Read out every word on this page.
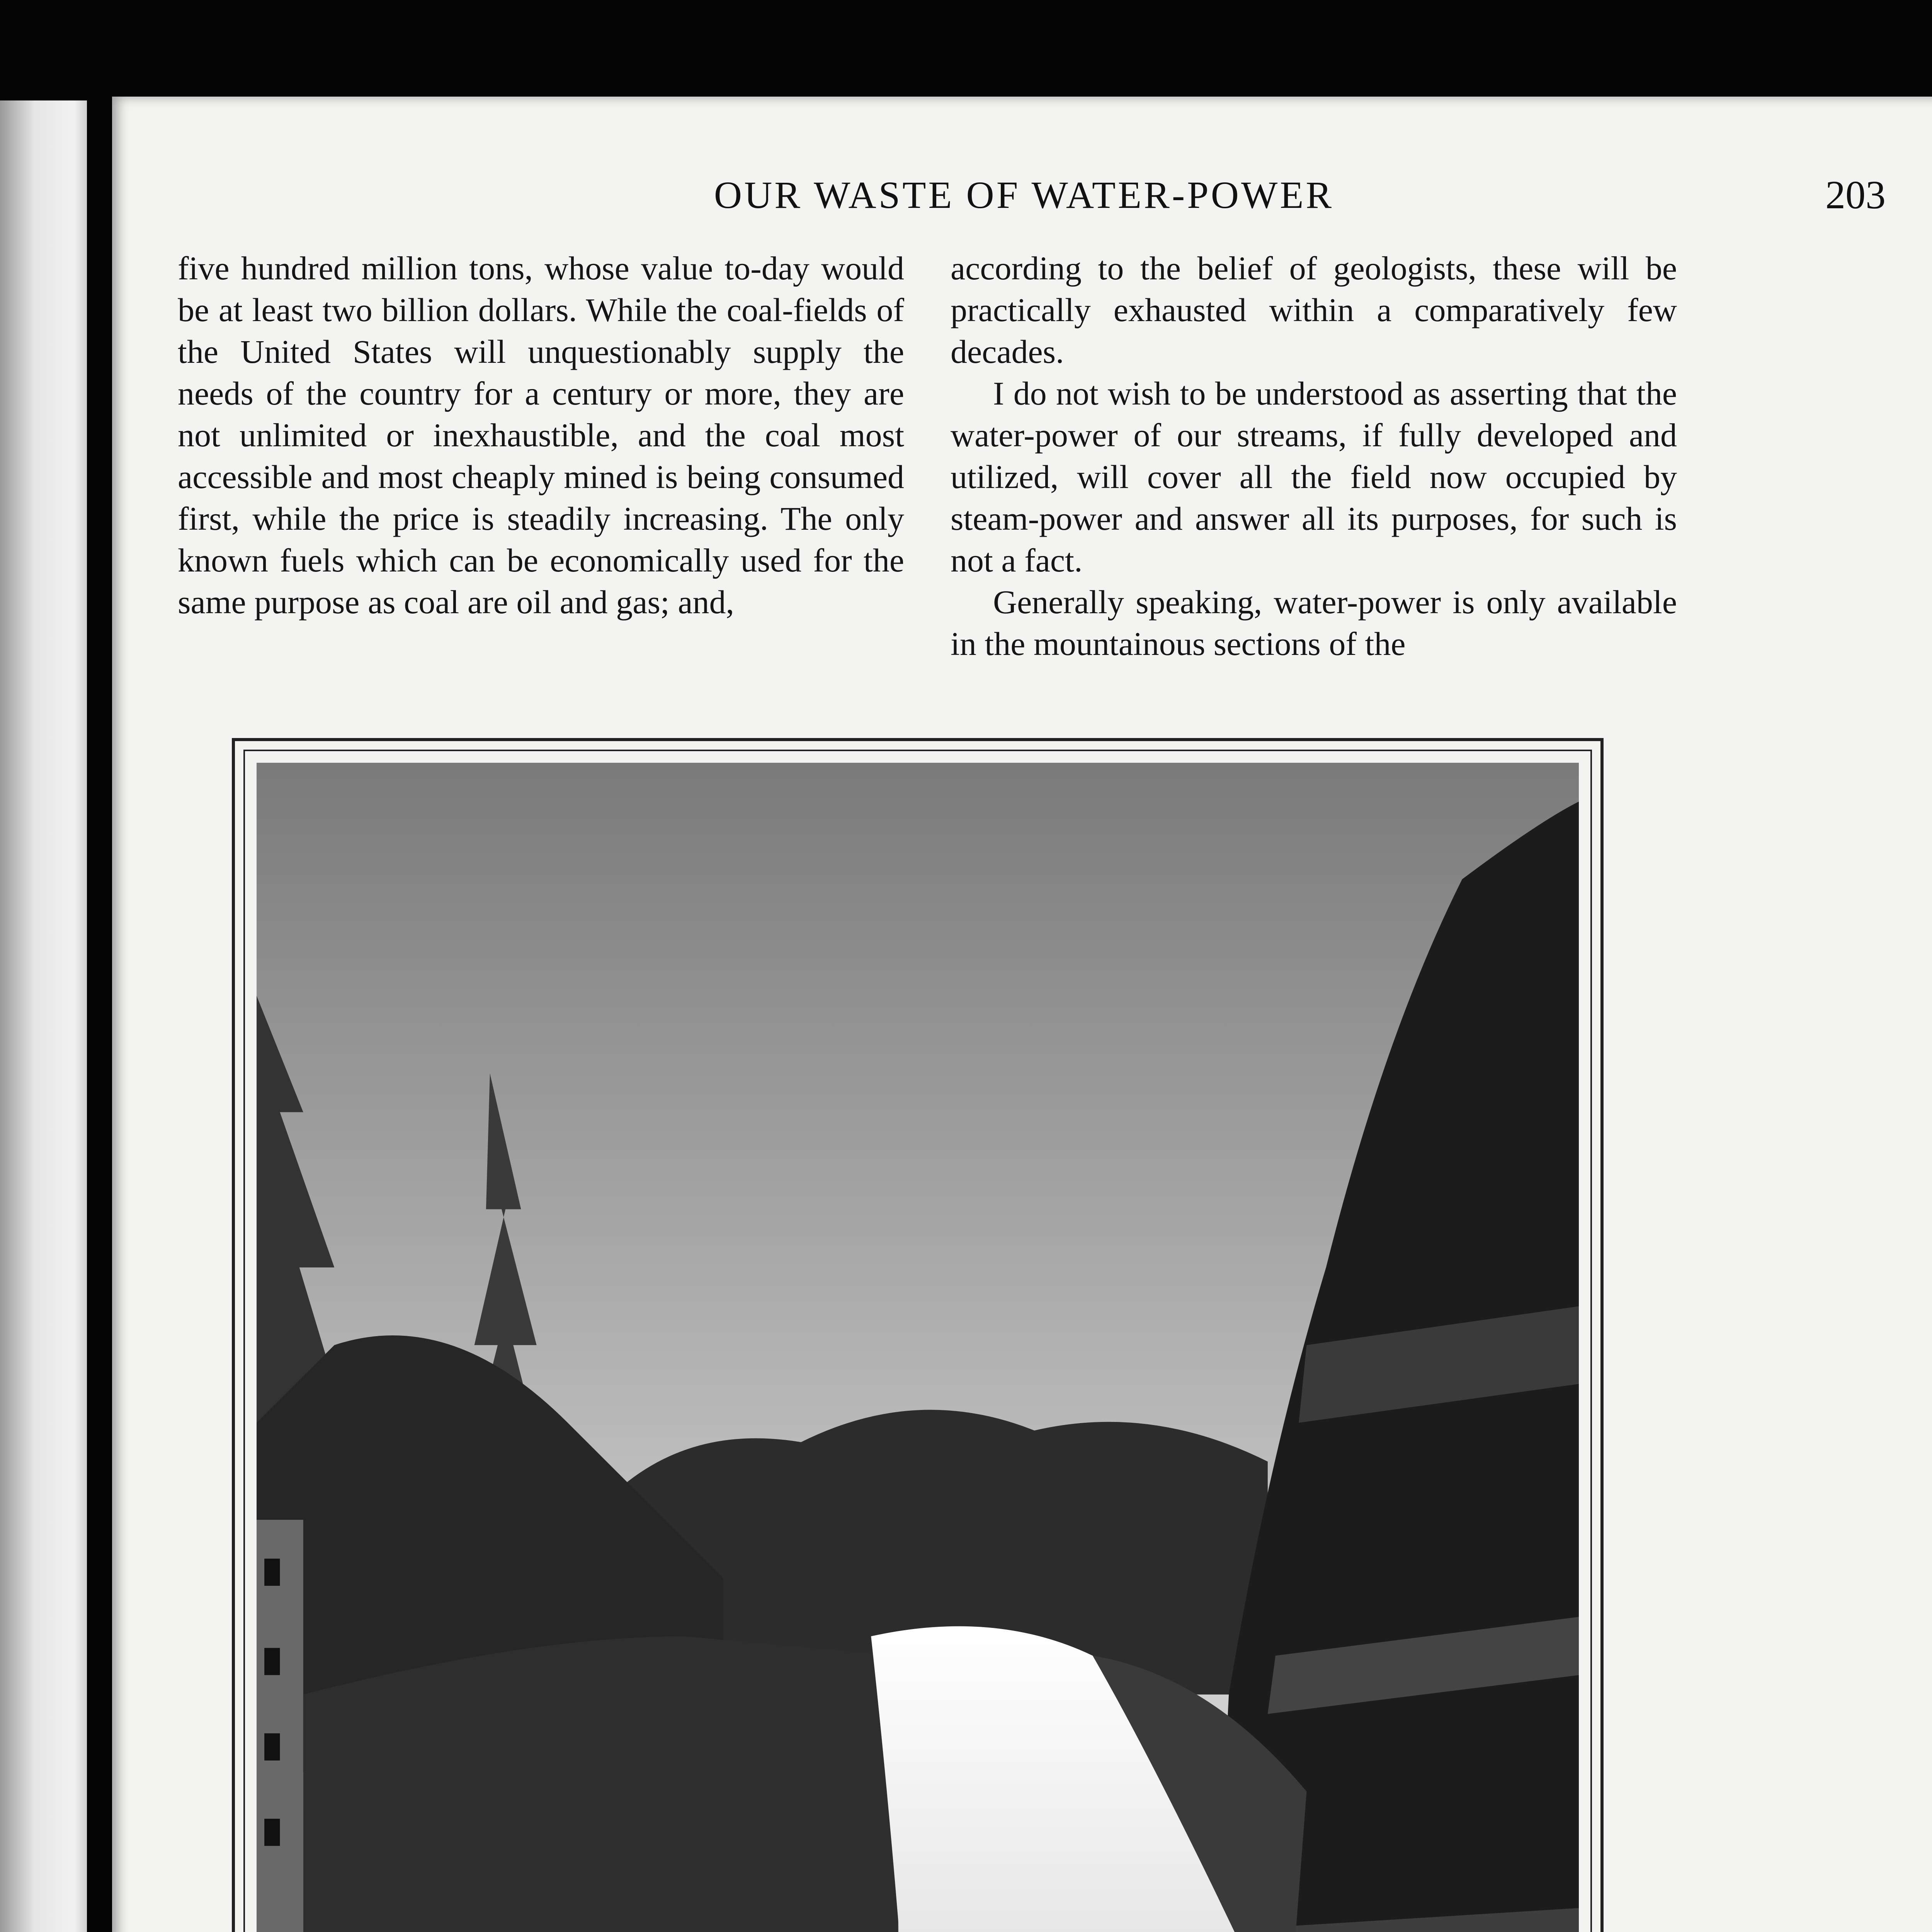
OUR WASTE OF WATER-POWER	203

five hundred million tons, whose value to-day would be at least two billion dollars. While the coal-fields of the United States will unquestionably supply the needs of the country for a century or more, they are not unlimited or inexhaustible, and the coal most accessible and most cheaply mined is being consumed first, while the price is steadily increasing. The only known fuels which can be economically used for the same purpose as coal are oil and gas; and,

according to the belief of geologists, these will be practically exhausted within a comparatively few decades.

I do not wish to be understood as asserting that the water-power of our streams, if fully developed and utilized, will cover all the field now occupied by steam-power and answer all its purposes, for such is not a fact.

Generally speaking, water-power is only available in the mountainous sections of the
